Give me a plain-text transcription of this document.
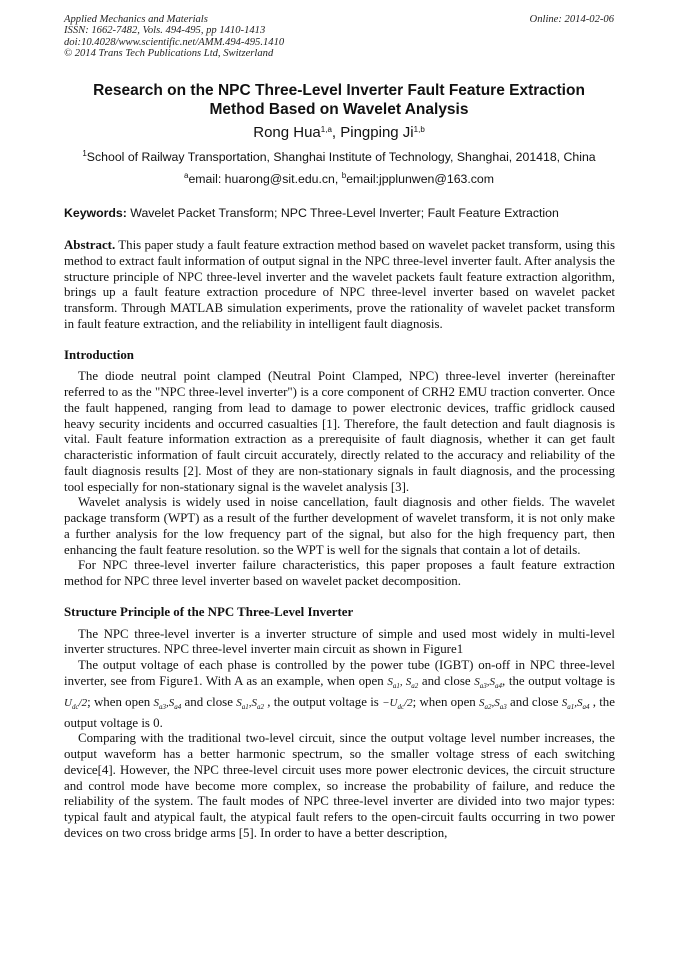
Applied Mechanics and Materials
ISSN: 1662-7482, Vols. 494-495, pp 1410-1413
doi:10.4028/www.scientific.net/AMM.494-495.1410
© 2014 Trans Tech Publications Ltd, Switzerland
Online: 2014-02-06
Research on the NPC Three-Level Inverter Fault Feature Extraction
Method Based on Wavelet Analysis
Rong Hua$^{1,a}$, Pingping Ji$^{1,b}$
$^1$School of Railway Transportation, Shanghai Institute of Technology, Shanghai, 201418, China
$^a$email: huarong@sit.edu.cn, $^b$email:jpplunwen@163.com
Keywords: Wavelet Packet Transform; NPC Three-Level Inverter; Fault Feature Extraction

Abstract. This paper study a fault feature extraction method based on wavelet packet transform, using this method to extract fault information of output signal in the NPC three-level inverter fault. After analysis the structure principle of NPC three-level inverter and the wavelet packets fault feature extraction algorithm, brings up a fault feature extraction procedure of NPC three-level inverter based on wavelet packet transform. Through MATLAB simulation experiments, prove the rationality of wavelet packet transform in fault feature extraction, and the reliability in intelligent fault diagnosis.

Introduction

The diode neutral point clamped (Neutral Point Clamped, NPC) three-level inverter (hereinafter referred to as the "NPC three-level inverter") is a core component of CRH2 EMU traction converter. Once the fault happened, ranging from lead to damage to power electronic devices, traffic gridlock caused heavy security incidents and occurred casualties [1]. Therefore, the fault detection and fault diagnosis is vital. Fault feature information extraction as a prerequisite of fault diagnosis, whether it can get fault characteristic information of fault circuit accurately, directly related to the accuracy and reliability of the fault diagnosis results [2]. Most of they are non-stationary signals in fault diagnosis, and the processing tool especially for non-stationary signal is the wavelet analysis [3].

Wavelet analysis is widely used in noise cancellation, fault diagnosis and other fields. The wavelet package transform (WPT) as a result of the further development of wavelet transform, it is not only make a further analysis for the low frequency part of the signal, but also for the high frequency part, then enhancing the fault feature resolution. so the WPT is well for the signals that contain a lot of details.

For NPC three-level inverter failure characteristics, this paper proposes a fault feature extraction method for NPC three level inverter based on wavelet packet decomposition.

Structure Principle of the NPC Three-Level Inverter

The NPC three-level inverter is a inverter structure of simple and used most widely in multi-level inverter structures. NPC three-level inverter main circuit as shown in Figure1

The output voltage of each phase is controlled by the power tube (IGBT) on-off in NPC three-level inverter, see from Figure1. With A as an example, when open $S_{a1}$, $S_{a2}$ and close $S_{a3},S_{a4}$, the output voltage is $U_{dc}/2$; when open $S_{a3},S_{a4}$ and close $S_{a1},S_{a2}$ , the output voltage is $-U_{dc}/2$; when open $S_{a2},S_{a3}$ and close $S_{a1},S_{a4}$ , the output voltage is 0.

Comparing with the traditional two-level circuit, since the output voltage level number increases, the output waveform has a better harmonic spectrum, so the smaller voltage stress of each switching device[4]. However, the NPC three-level circuit uses more power electronic devices, the circuit structure and control mode have become more complex, so increase the probability of failure, and reduce the reliability of the system. The fault modes of NPC three-level inverter are divided into two major types: typical fault and atypical fault, the atypical fault refers to the open-circuit faults occurring in two power devices on two cross bridge arms [5]. In order to have a better description,
